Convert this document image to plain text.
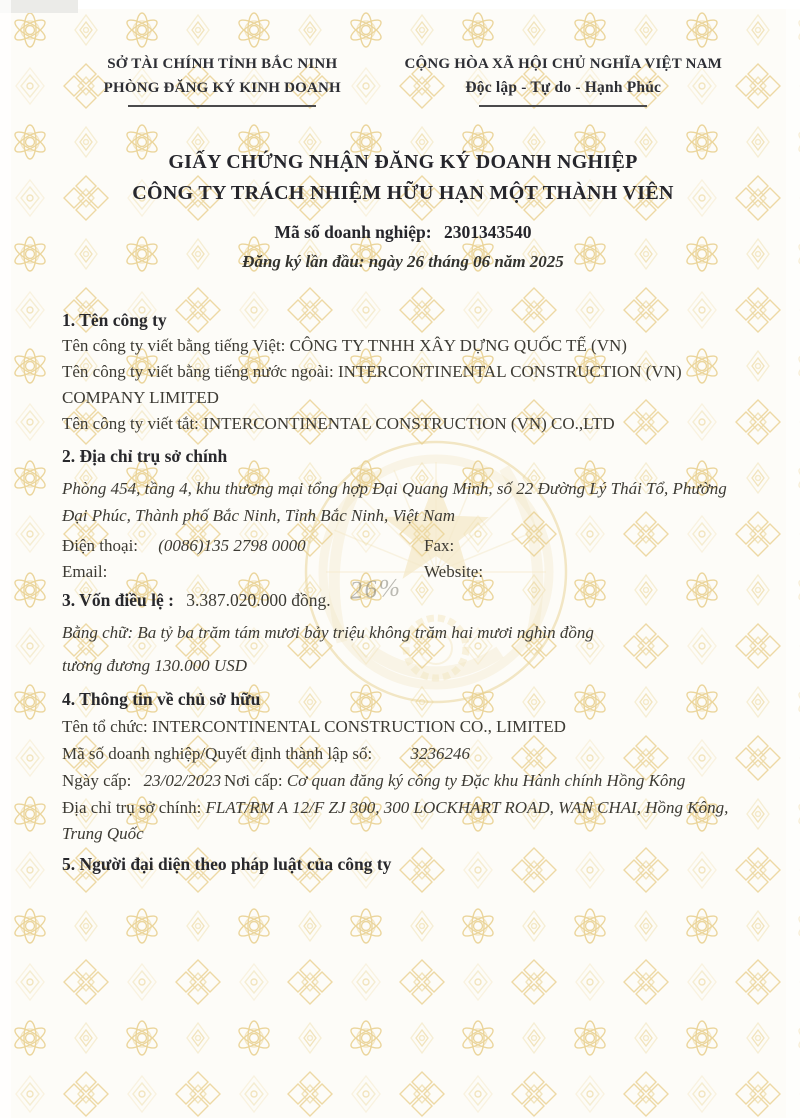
26%
SỞ TÀI CHÍNH TỈNH BẮC NINH
PHÒNG ĐĂNG KÝ KINH DOANH
CỘNG HÒA XÃ HỘI CHỦ NGHĨA VIỆT NAM
Độc lập - Tự do - Hạnh Phúc
GIẤY CHỨNG NHẬN ĐĂNG KÝ DOANH NGHIỆP
CÔNG TY TRÁCH NHIỆM HỮU HẠN MỘT THÀNH VIÊN
Mã số doanh nghiệp: 2301343540
Đăng ký lần đầu: ngày 26 tháng 06 năm 2025
1. Tên công ty
Tên công ty viết bằng tiếng Việt: CÔNG TY TNHH XÂY DỰNG QUỐC TẾ (VN)
Tên công ty viết bằng tiếng nước ngoài: INTERCONTINENTAL CONSTRUCTION (VN) COMPANY LIMITED
Tên công ty viết tắt: INTERCONTINENTAL CONSTRUCTION (VN) CO.,LTD
2. Địa chỉ trụ sở chính
Phòng 454, tầng 4, khu thương mại tổng hợp Đại Quang Minh, số 22 Đường Lý Thái Tổ, Phường Đại Phúc, Thành phố Bắc Ninh, Tỉnh Bắc Ninh, Việt Nam
Điện thoại: (0086)135 2798 0000	Fax:
Email:	Website:
3. Vốn điều lệ : 3.387.020.000 đồng.
Bằng chữ: Ba tỷ ba trăm tám mươi bảy triệu không trăm hai mươi nghìn đồng
tương đương 130.000 USD
4. Thông tin về chủ sở hữu
Tên tổ chức: INTERCONTINENTAL CONSTRUCTION CO., LIMITED
Mã số doanh nghiệp/Quyết định thành lập số: 3236246
Ngày cấp: 23/02/2023 Nơi cấp: Cơ quan đăng ký công ty Đặc khu Hành chính Hồng Kông
Địa chỉ trụ sở chính: FLAT/RM A 12/F ZJ 300, 300 LOCKHART ROAD, WAN CHAI, Hồng Kông, Trung Quốc
5. Người đại diện theo pháp luật của công ty
